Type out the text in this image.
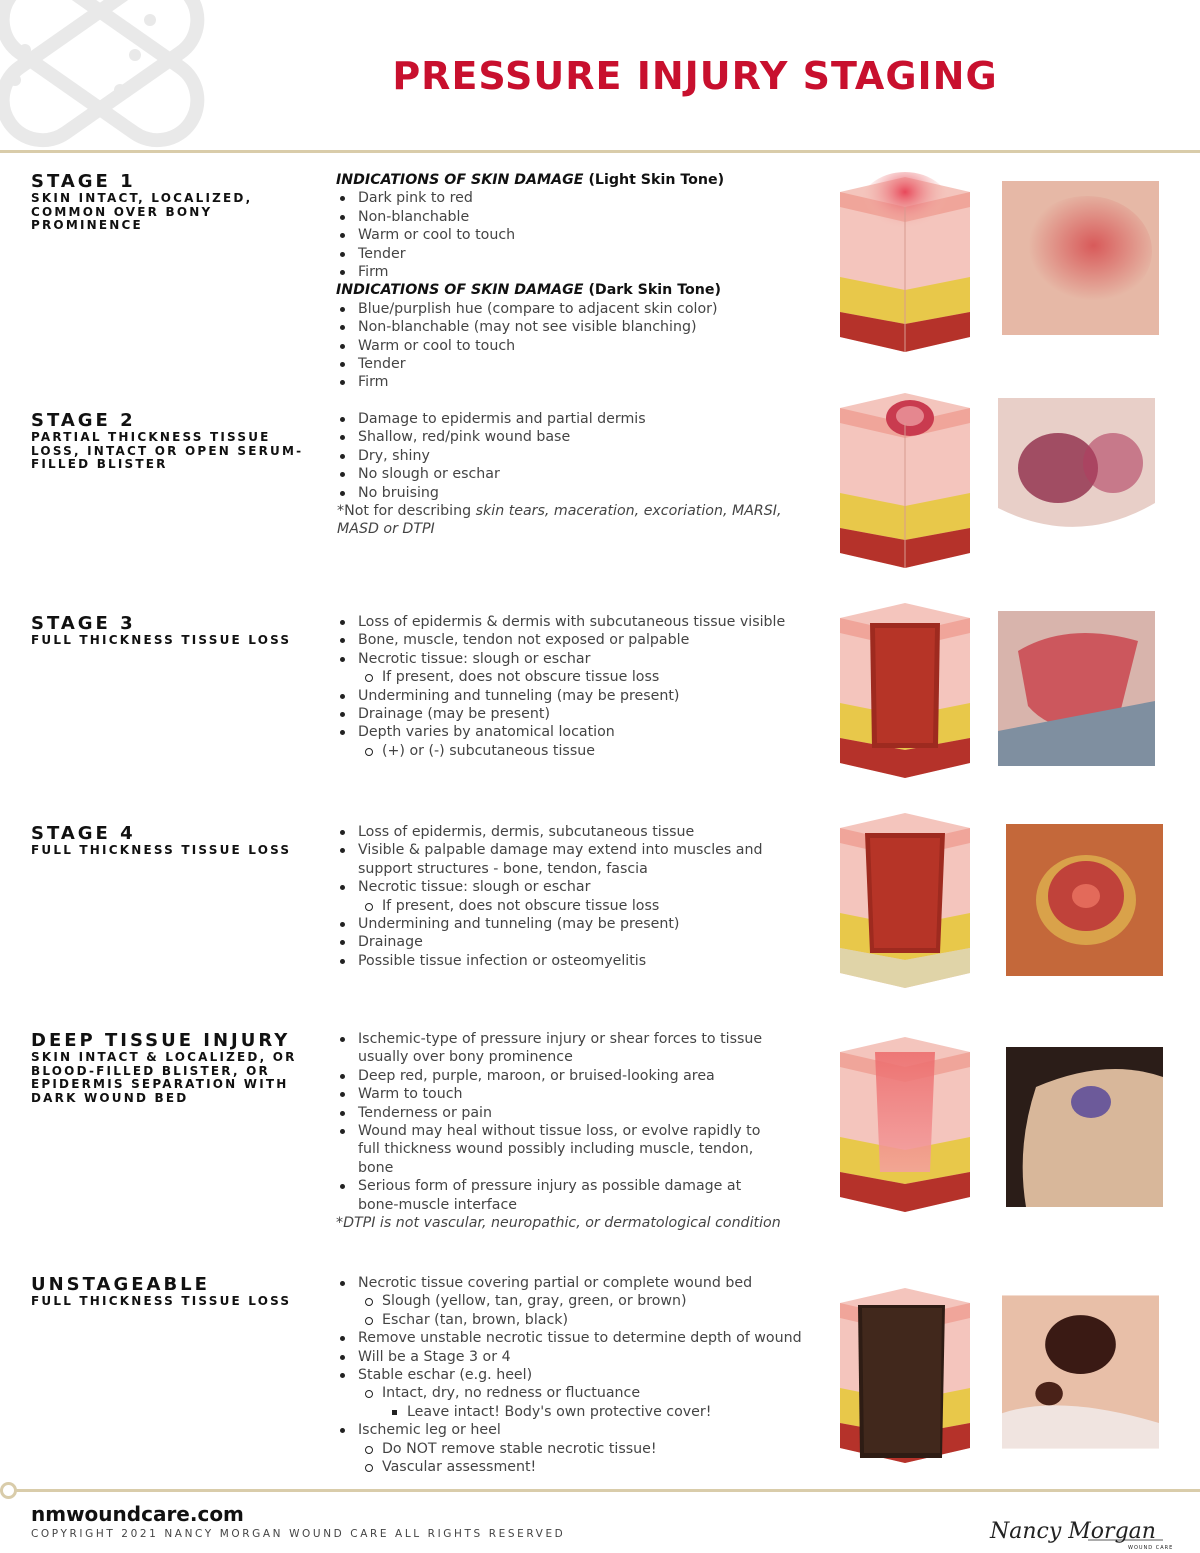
PRESSURE INJURY STAGING
STAGE 1
SKIN INTACT, LOCALIZED, COMMON OVER BONY PROMINENCE
INDICATIONS OF SKIN DAMAGE (Light Skin Tone)
Dark pink to red
Non-blanchable
Warm or cool to touch
Tender
Firm
INDICATIONS OF SKIN DAMAGE (Dark Skin Tone)
Blue/purplish hue (compare to adjacent skin color)
Non-blanchable (may not see visible blanching)
Warm or cool to touch
Tender
Firm
STAGE 2
PARTIAL THICKNESS TISSUE LOSS, INTACT OR OPEN SERUM-FILLED BLISTER
Damage to epidermis and partial dermis
Shallow, red/pink wound base
Dry, shiny
No slough or eschar
No bruising
*Not for describing skin tears, maceration, excoriation, MARSI, MASD or DTPI
STAGE 3
FULL THICKNESS TISSUE LOSS
Loss of epidermis & dermis with subcutaneous tissue visible
Bone, muscle, tendon not exposed or palpable
Necrotic tissue: slough or eschar
If present, does not obscure tissue loss
Undermining and tunneling (may be present)
Drainage (may be present)
Depth varies by anatomical location
(+) or (-) subcutaneous tissue
STAGE 4
FULL THICKNESS TISSUE LOSS
Loss of epidermis, dermis, subcutaneous tissue
Visible & palpable damage may extend into muscles and support structures - bone, tendon, fascia
Necrotic tissue: slough or eschar
If present, does not obscure tissue loss
Undermining and tunneling (may be present)
Drainage
Possible tissue infection or osteomyelitis
DEEP TISSUE INJURY
SKIN INTACT & LOCALIZED, OR BLOOD-FILLED BLISTER, OR EPIDERMIS SEPARATION WITH DARK WOUND BED
Ischemic-type of pressure injury or shear forces to tissue usually over bony prominence
Deep red, purple, maroon, or bruised-looking area
Warm to touch
Tenderness or pain
Wound may heal without tissue loss, or evolve rapidly to full thickness wound possibly including muscle, tendon, bone
Serious form of pressure injury as possible damage at bone-muscle interface
*DTPI is not vascular, neuropathic, or dermatological condition
UNSTAGEABLE
FULL THICKNESS TISSUE LOSS
Necrotic tissue covering partial or complete wound bed
Slough (yellow, tan, gray, green, or brown)
Eschar (tan, brown, black)
Remove unstable necrotic tissue to determine depth of wound
Will be a Stage 3 or 4
Stable eschar (e.g. heel)
Intact, dry, no redness or fluctuance
Leave intact! Body's own protective cover!
Ischemic leg or heel
Do NOT remove stable necrotic tissue!
Vascular assessment!
nmwoundcare.com
COPYRIGHT 2021 NANCY MORGAN WOUND CARE ALL RIGHTS RESERVED	Nancy Morgan
WOUND CARE
